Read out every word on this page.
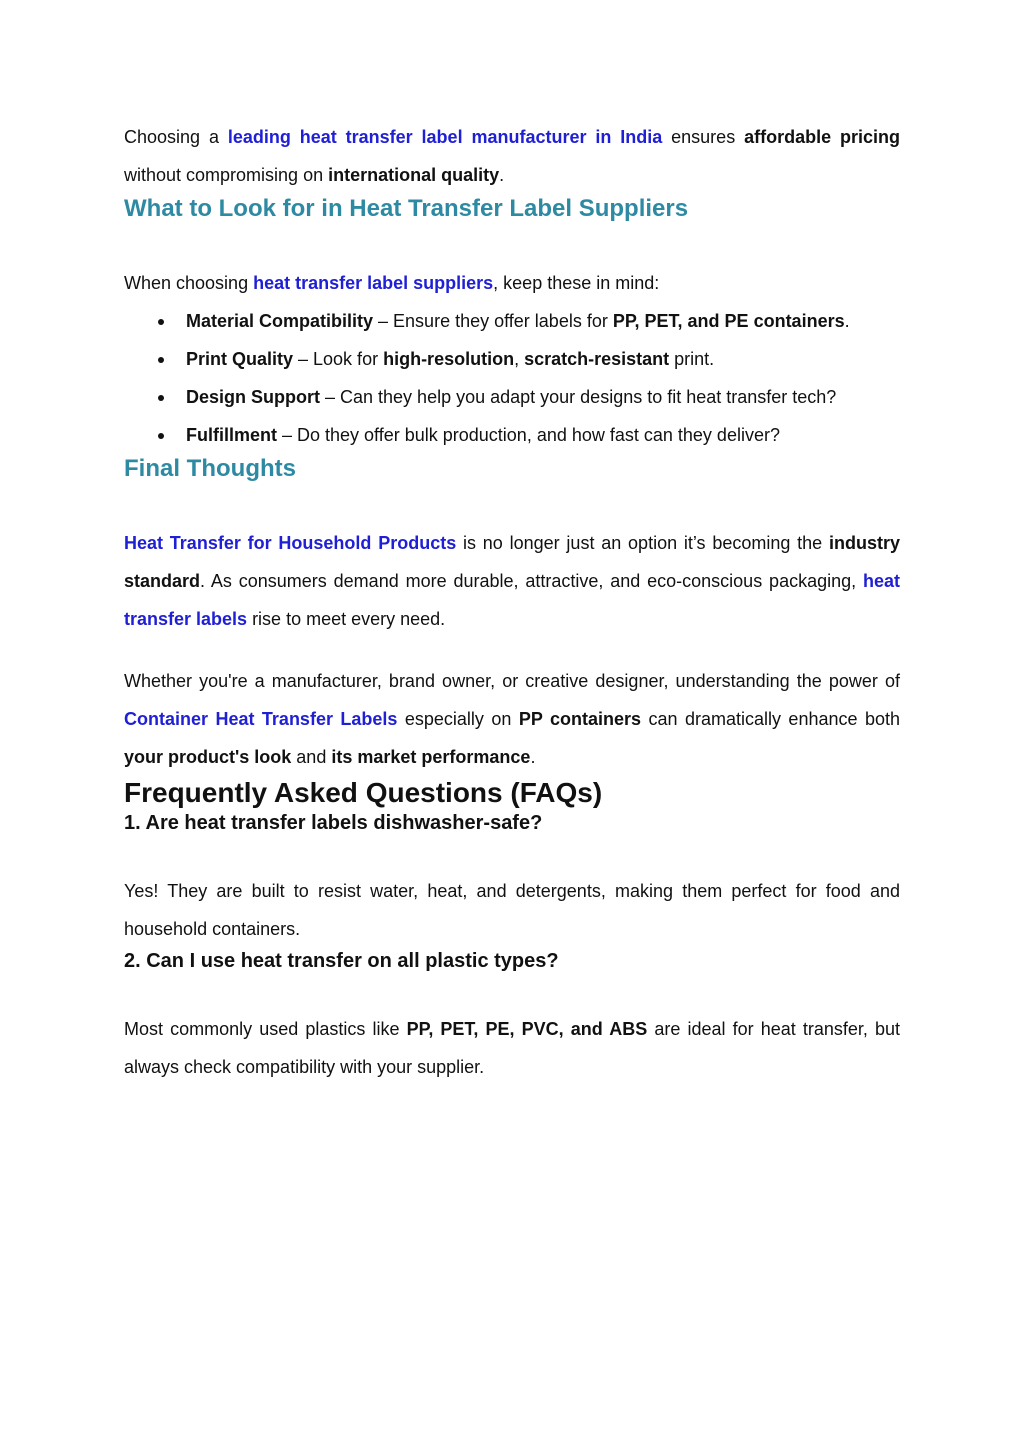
Choosing a leading heat transfer label manufacturer in India ensures affordable pricing without compromising on international quality.

What to Look for in Heat Transfer Label Suppliers

When choosing heat transfer label suppliers, keep these in mind:

Material Compatibility – Ensure they offer labels for PP, PET, and PE containers.
Print Quality – Look for high-resolution, scratch-resistant print.
Design Support – Can they help you adapt your designs to fit heat transfer tech?
Fulfillment – Do they offer bulk production, and how fast can they deliver?
Final Thoughts

Heat Transfer for Household Products is no longer just an option it’s becoming the industry standard. As consumers demand more durable, attractive, and eco-conscious packaging, heat transfer labels rise to meet every need.

Whether you're a manufacturer, brand owner, or creative designer, understanding the power of Container Heat Transfer Labels especially on PP containers can dramatically enhance both your product's look and its market performance.

Frequently Asked Questions (FAQs)
1. Are heat transfer labels dishwasher-safe?

Yes! They are built to resist water, heat, and detergents, making them perfect for food and household containers.

2. Can I use heat transfer on all plastic types?

Most commonly used plastics like PP, PET, PE, PVC, and ABS are ideal for heat transfer, but always check compatibility with your supplier.
